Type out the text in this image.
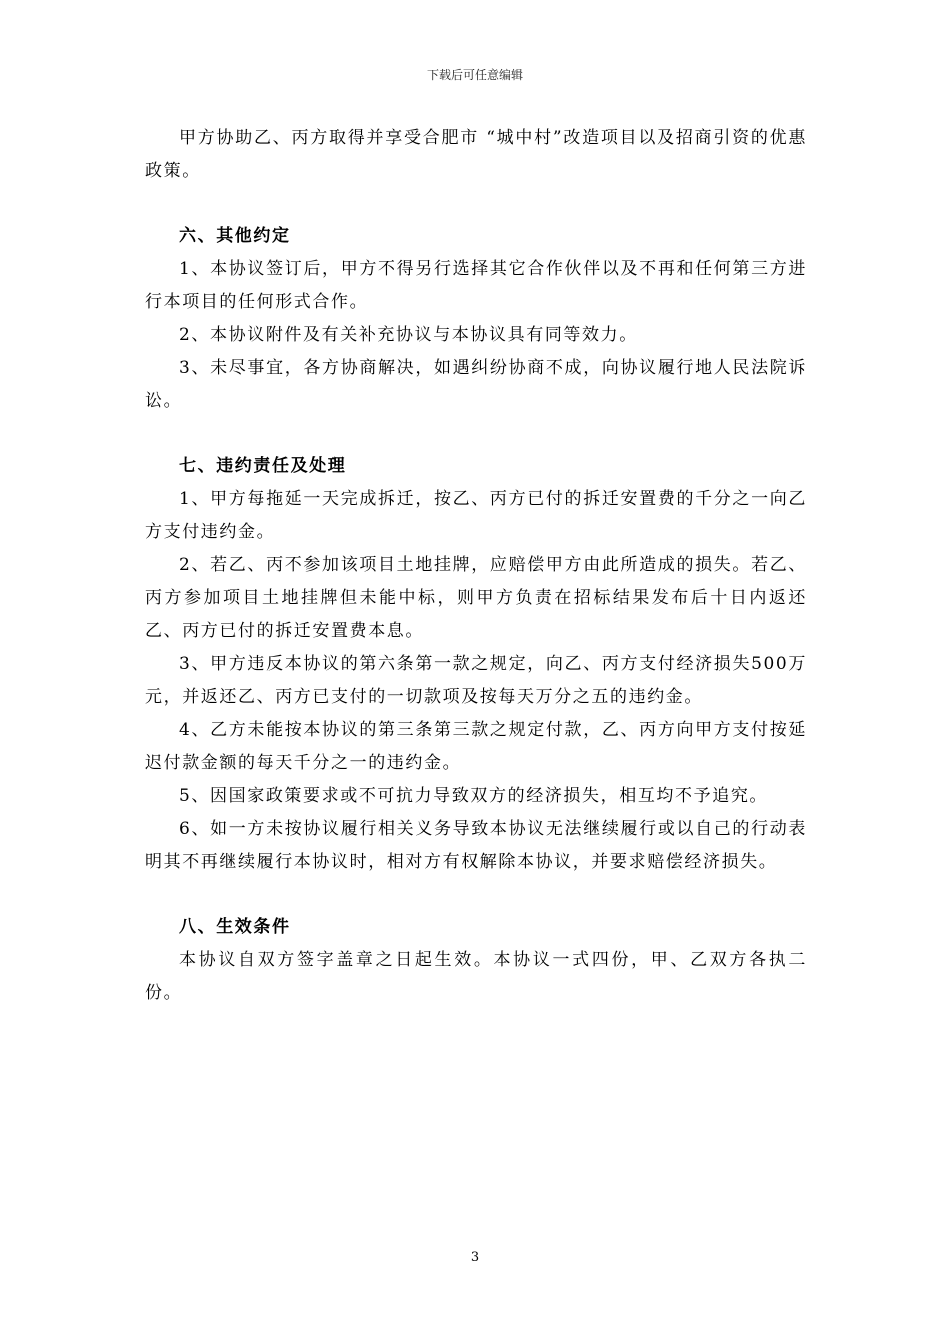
下载后可任意编辑

甲方协助乙、丙方取得并享受合肥市 “城中村”改造项目以及招商引资的优惠政策。

六、其他约定

1、本协议签订后，甲方不得另行选择其它合作伙伴以及不再和任何第三方进行本项目的任何形式合作。

2、本协议附件及有关补充协议与本协议具有同等效力。

3、未尽事宜，各方协商解决，如遇纠纷协商不成，向协议履行地人民法院诉讼。

七、违约责任及处理

1、甲方每拖延一天完成拆迁，按乙、丙方已付的拆迁安置费的千分之一向乙方支付违约金。

2、若乙、丙不参加该项目土地挂牌，应赔偿甲方由此所造成的损失。若乙、丙方参加项目土地挂牌但未能中标，则甲方负责在招标结果发布后十日内返还乙、丙方已付的拆迁安置费本息。

3、甲方违反本协议的第六条第一款之规定，向乙、丙方支付经济损失500万元，并返还乙、丙方已支付的一切款项及按每天万分之五的违约金。

4、乙方未能按本协议的第三条第三款之规定付款，乙、丙方向甲方支付按延迟付款金额的每天千分之一的违约金。

5、因国家政策要求或不可抗力导致双方的经济损失，相互均不予追究。

6、如一方未按协议履行相关义务导致本协议无法继续履行或以自己的行动表明其不再继续履行本协议时，相对方有权解除本协议，并要求赔偿经济损失。

八、生效条件

本协议自双方签字盖章之日起生效。本协议一式四份，甲、乙双方各执二份。

3
